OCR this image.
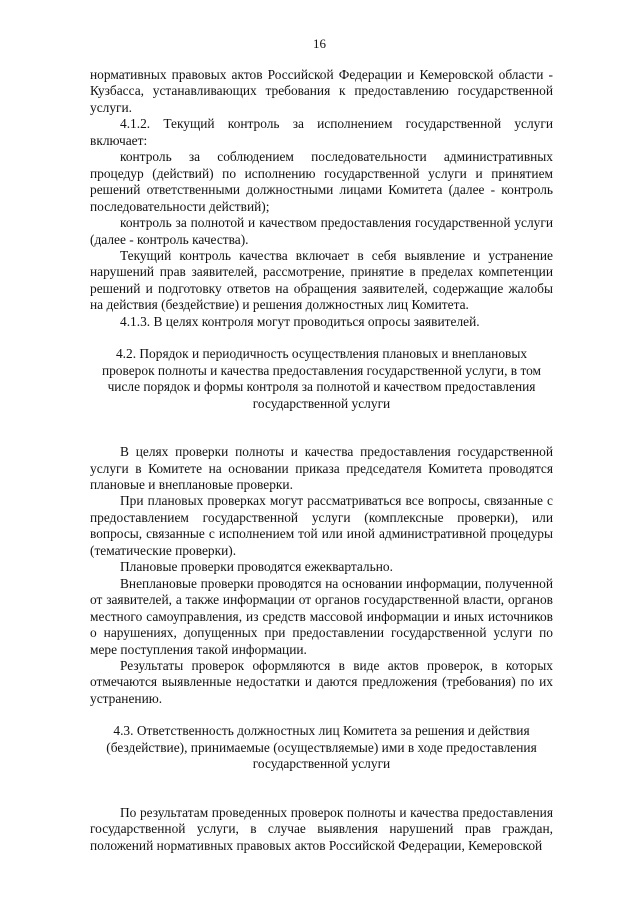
16

нормативных правовых актов Российской Федерации и Кемеровской области - Кузбасса, устанавливающих требования к предоставлению государственной услуги.

4.1.2. Текущий контроль за исполнением государственной услуги включает:

контроль за соблюдением последовательности административных процедур (действий) по исполнению государственной услуги и принятием решений ответственными должностными лицами Комитета (далее - контроль последовательности действий);

контроль за полнотой и качеством предоставления государственной услуги (далее - контроль качества).

Текущий контроль качества включает в себя выявление и устранение нарушений прав заявителей, рассмотрение, принятие в пределах компетенции решений и подготовку ответов на обращения заявителей, содержащие жалобы на действия (бездействие) и решения должностных лиц Комитета.

4.1.3. В целях контроля могут проводиться опросы заявителей.

4.2. Порядок и периодичность осуществления плановых и внеплановых проверок полноты и качества предоставления государственной услуги, в том числе порядок и формы контроля за полнотой и качеством предоставления государственной услуги

В целях проверки полноты и качества предоставления государственной услуги в Комитете на основании приказа председателя Комитета проводятся плановые и внеплановые проверки.

При плановых проверках могут рассматриваться все вопросы, связанные с предоставлением государственной услуги (комплексные проверки), или вопросы, связанные с исполнением той или иной административной процедуры (тематические проверки).

Плановые проверки проводятся ежеквартально.

Внеплановые проверки проводятся на основании информации, полученной от заявителей, а также информации от органов государственной власти, органов местного самоуправления, из средств массовой информации и иных источников о нарушениях, допущенных при предоставлении государственной услуги по мере поступления такой информации.

Результаты проверок оформляются в виде актов проверок, в которых отмечаются выявленные недостатки и даются предложения (требования) по их устранению.

4.3. Ответственность должностных лиц Комитета за решения и действия (бездействие), принимаемые (осуществляемые) ими в ходе предоставления государственной услуги

По результатам проведенных проверок полноты и качества предоставления государственной услуги, в случае выявления нарушений прав граждан, положений нормативных правовых актов Российской Федерации, Кемеровской
